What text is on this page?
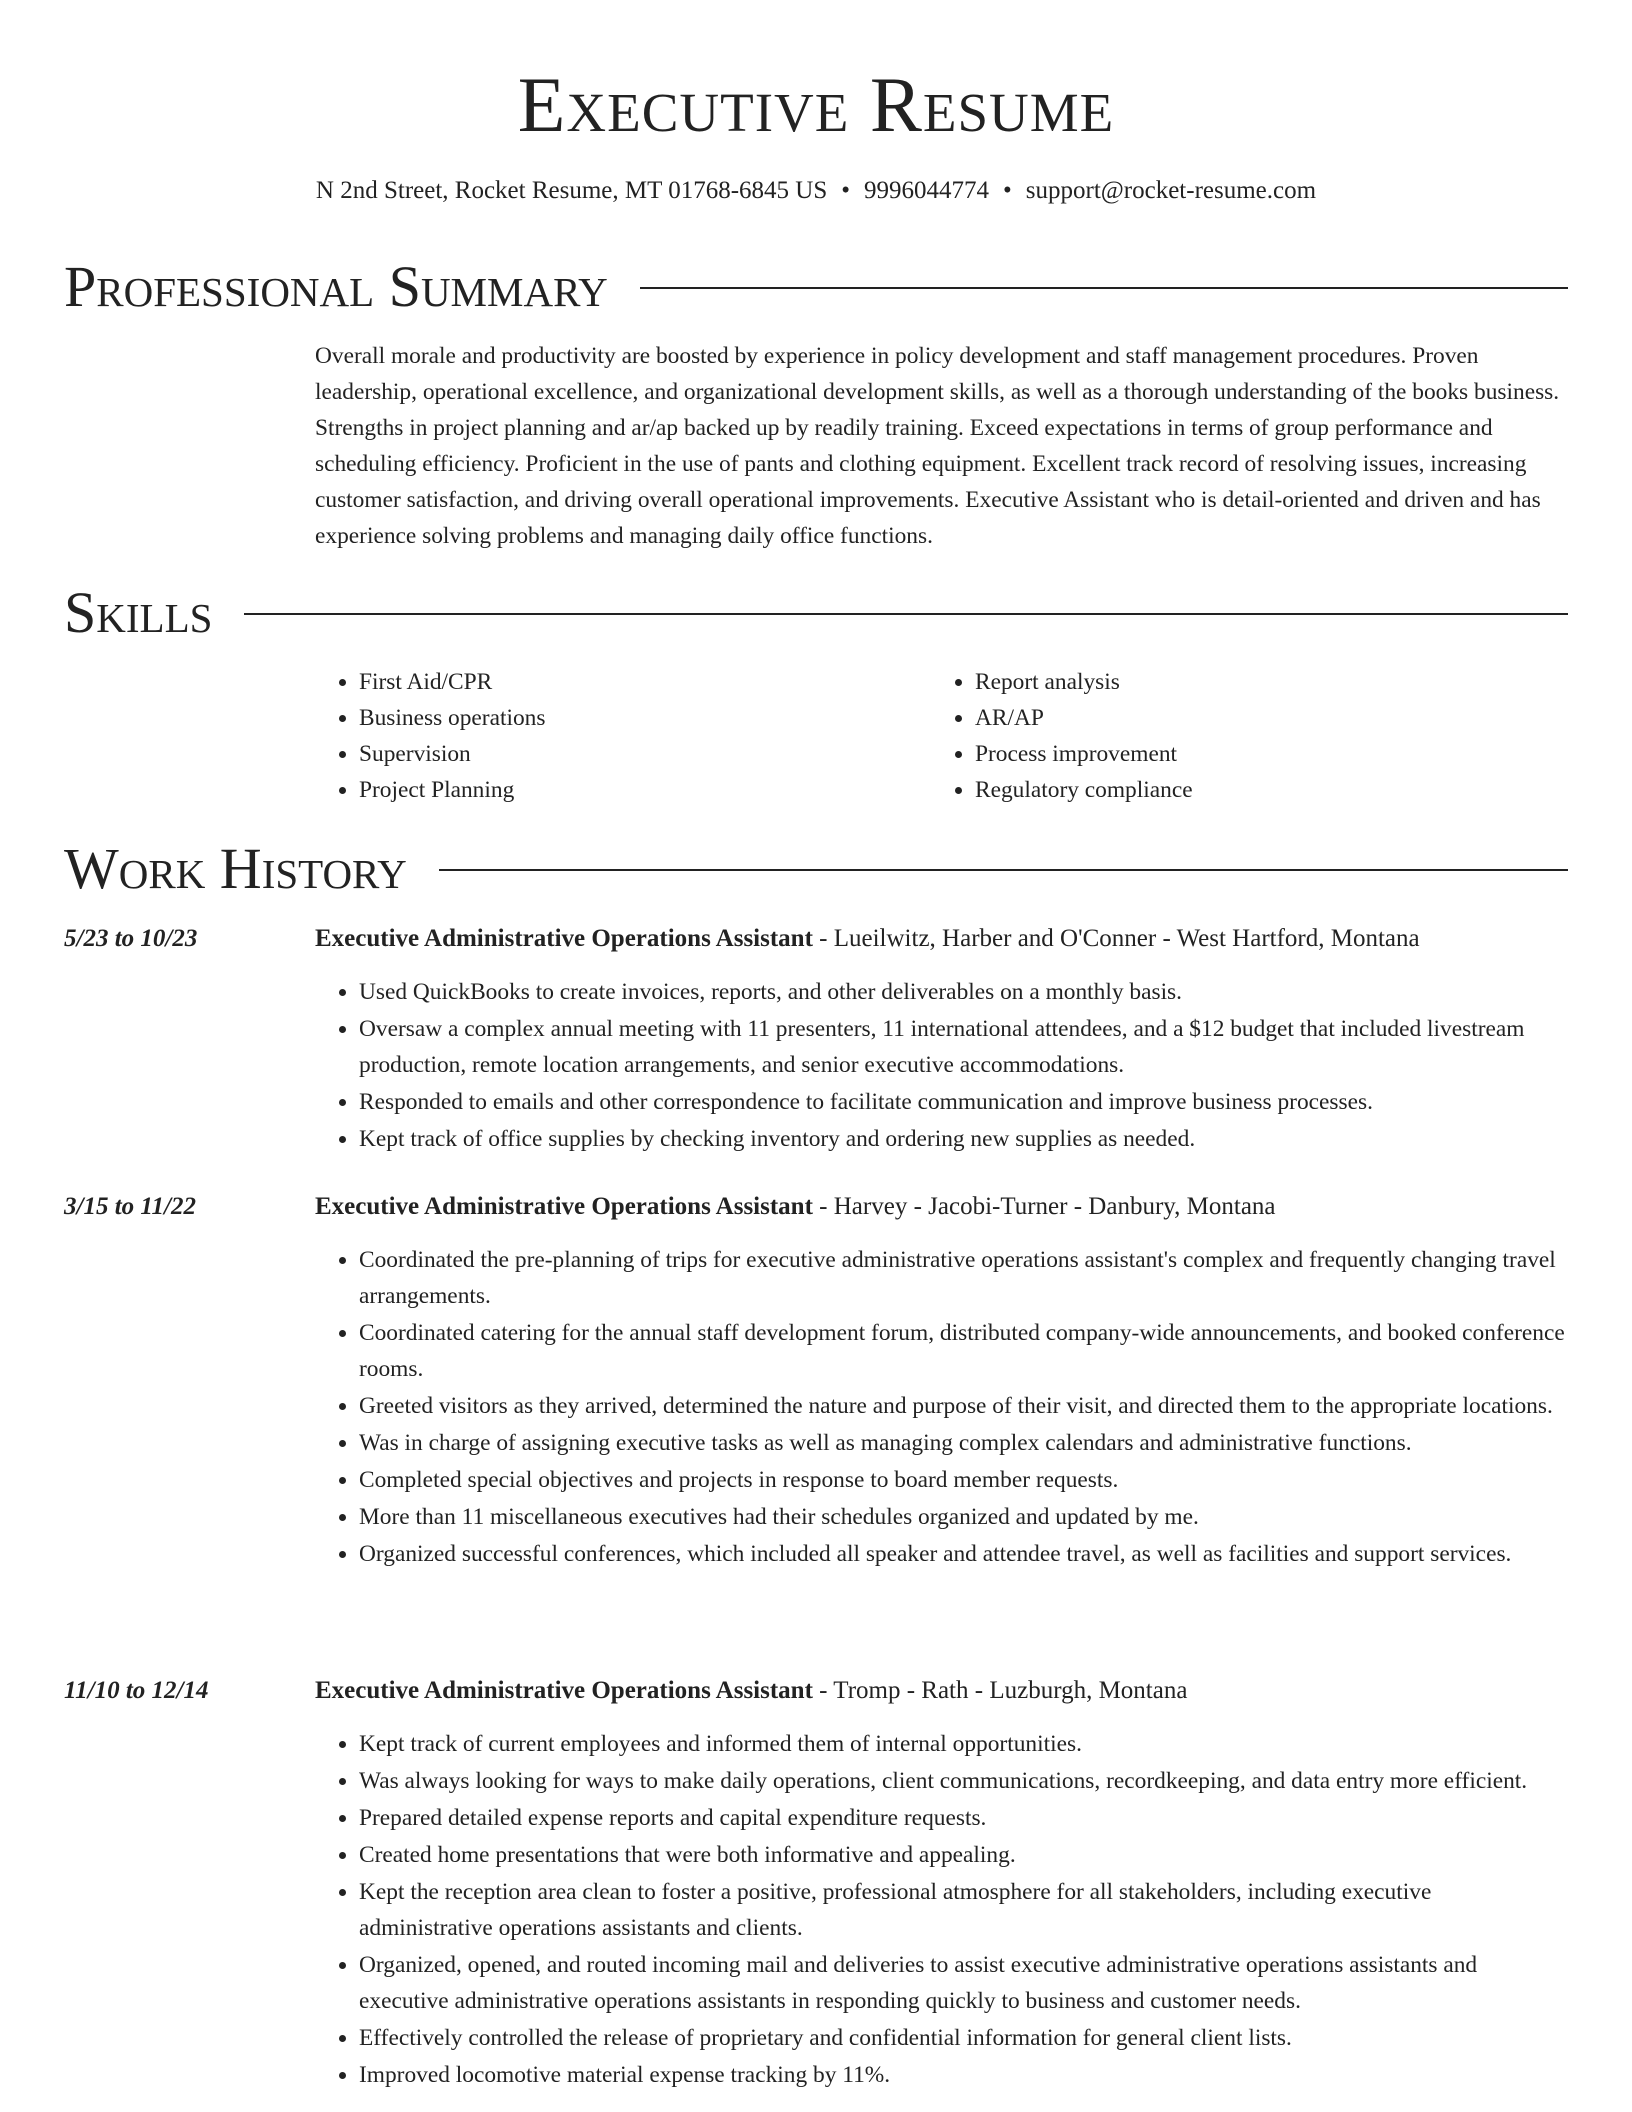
Executive Resume
N 2nd Street, Rocket Resume, MT 01768-6845 US • 9996044774 • support@rocket-resume.com
Professional Summary

Overall morale and productivity are boosted by experience in policy development and staff management procedures. Proven leadership, operational excellence, and organizational development skills, as well as a thorough understanding of the books business. Strengths in project planning and ar/ap backed up by readily training. Exceed expectations in terms of group performance and scheduling efficiency. Proficient in the use of pants and clothing equipment. Excellent track record of resolving issues, increasing customer satisfaction, and driving overall operational improvements. Executive Assistant who is detail-oriented and driven and has experience solving problems and managing daily office functions.

Skills
• First Aid/CPR
• Business operations
• Supervision
• Project Planning
• Report analysis
• AR/AP
• Process improvement
• Regulatory compliance
Work History
5/23 to 10/23	Executive Administrative Operations Assistant - Lueilwitz, Harber and O'Conner - West Hartford, Montana
• Used QuickBooks to create invoices, reports, and other deliverables on a monthly basis.
• Oversaw a complex annual meeting with 11 presenters, 11 international attendees, and a $12 budget that included livestream production, remote location arrangements, and senior executive accommodations.
• Responded to emails and other correspondence to facilitate communication and improve business processes.
• Kept track of office supplies by checking inventory and ordering new supplies as needed.
3/15 to 11/22	Executive Administrative Operations Assistant - Harvey - Jacobi-Turner - Danbury, Montana
• Coordinated the pre-planning of trips for executive administrative operations assistant's complex and frequently changing travel arrangements.
• Coordinated catering for the annual staff development forum, distributed company-wide announcements, and booked conference rooms.
• Greeted visitors as they arrived, determined the nature and purpose of their visit, and directed them to the appropriate locations.
• Was in charge of assigning executive tasks as well as managing complex calendars and administrative functions.
• Completed special objectives and projects in response to board member requests.
• More than 11 miscellaneous executives had their schedules organized and updated by me.
• Organized successful conferences, which included all speaker and attendee travel, as well as facilities and support services.
11/10 to 12/14	Executive Administrative Operations Assistant - Tromp - Rath - Luzburgh, Montana
• Kept track of current employees and informed them of internal opportunities.
• Was always looking for ways to make daily operations, client communications, recordkeeping, and data entry more efficient.
• Prepared detailed expense reports and capital expenditure requests.
• Created home presentations that were both informative and appealing.
• Kept the reception area clean to foster a positive, professional atmosphere for all stakeholders, including executive administrative operations assistants and clients.
• Organized, opened, and routed incoming mail and deliveries to assist executive administrative operations assistants and executive administrative operations assistants in responding quickly to business and customer needs.
• Effectively controlled the release of proprietary and confidential information for general client lists.
• Improved locomotive material expense tracking by 11%.
